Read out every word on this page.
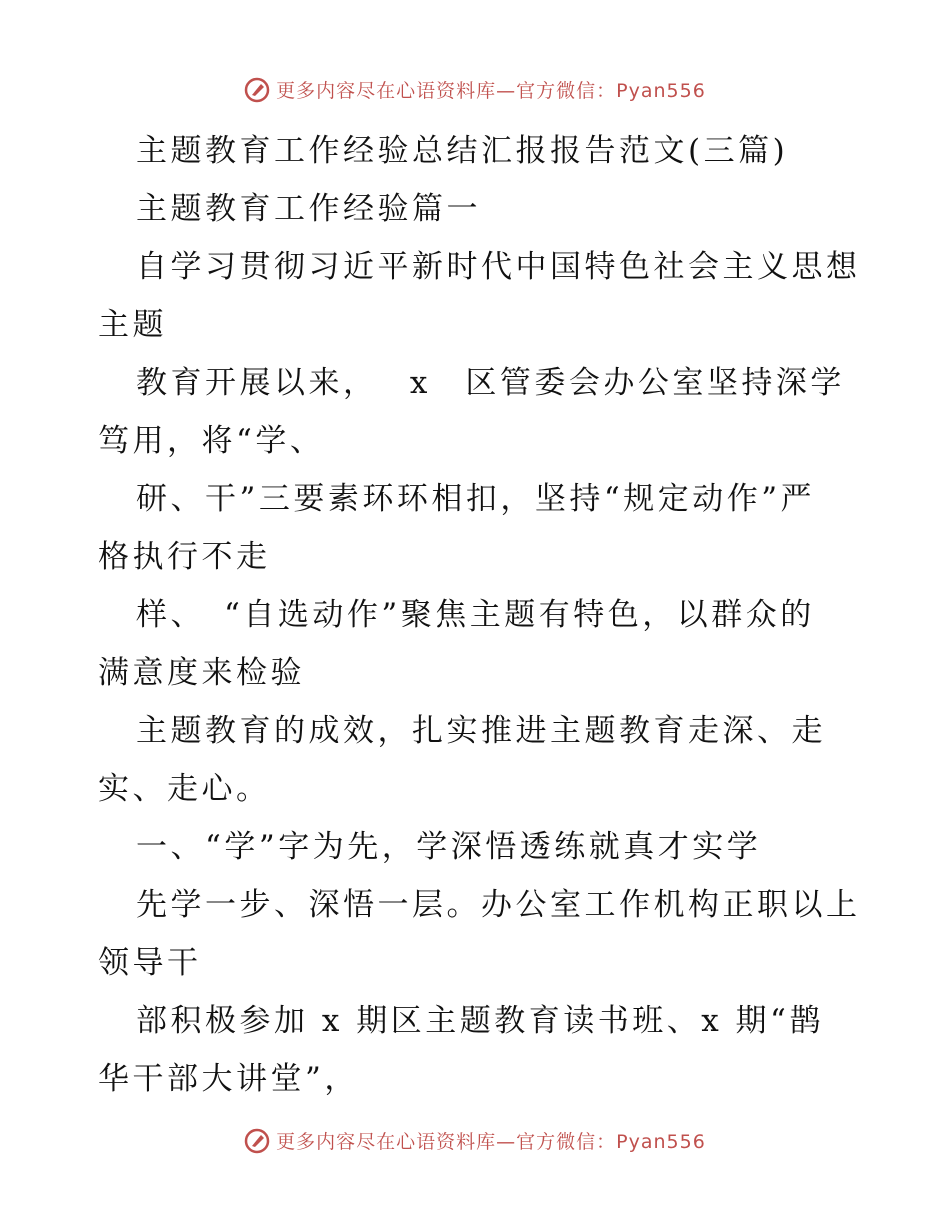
更多内容尽在心语资料库—官方微信：Pyan556
主题教育工作经验总结汇报报告范文(三篇)
主题教育工作经验篇一
自学习贯彻习近平新时代中国特色社会主义思想
主题
教育开展以来，　 x　区管委会办公室坚持深学
笃用，将“学、
研、干”三要素环环相扣，坚持“规定动作”严
格执行不走
样、　“自选动作”聚焦主题有特色，以群众的
满意度来检验
主题教育的成效，扎实推进主题教育走深、走
实、走心。
一、“学”字为先，学深悟透练就真才实学
先学一步、深悟一层。办公室工作机构正职以上
领导干
部积极参加 x 期区主题教育读书班、x 期“鹊
华干部大讲堂”，
更多内容尽在心语资料库—官方微信：Pyan556
